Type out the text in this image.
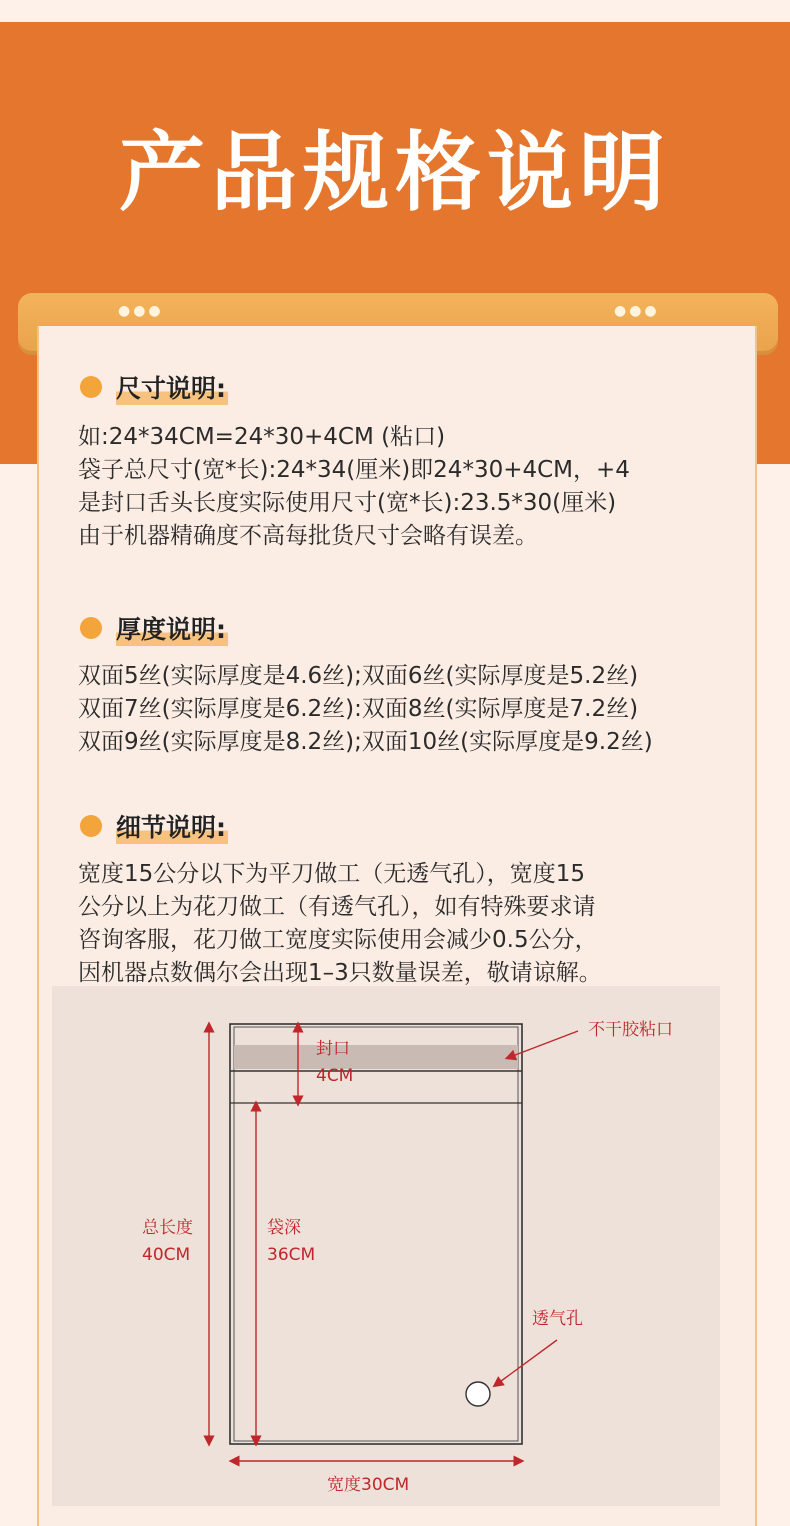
产品规格说明
●●●	●●●
尺寸说明:
如:24*34CM=24*30+4CM (粘口)
袋子总尺寸(宽*长):24*34(厘米)即24*30+4CM，+4
是封口舌头长度实际使用尺寸(宽*长):23.5*30(厘米)
由于机器精确度不高每批货尺寸会略有误差。
厚度说明:
双面5丝(实际厚度是4.6丝);双面6丝(实际厚度是5.2丝)
双面7丝(实际厚度是6.2丝):双面8丝(实际厚度是7.2丝)
双面9丝(实际厚度是8.2丝);双面10丝(实际厚度是9.2丝)
细节说明:
宽度15公分以下为平刀做工（无透气孔），宽度15
公分以上为花刀做工（有透气孔），如有特殊要求请
咨询客服，花刀做工宽度实际使用会减少0.5公分，
因机器点数偶尔会出现1–3只数量误差，敬请谅解。
封口
4CM
不干胶粘口
总长度
40CM
袋深
36CM
透气孔
宽度30CM
